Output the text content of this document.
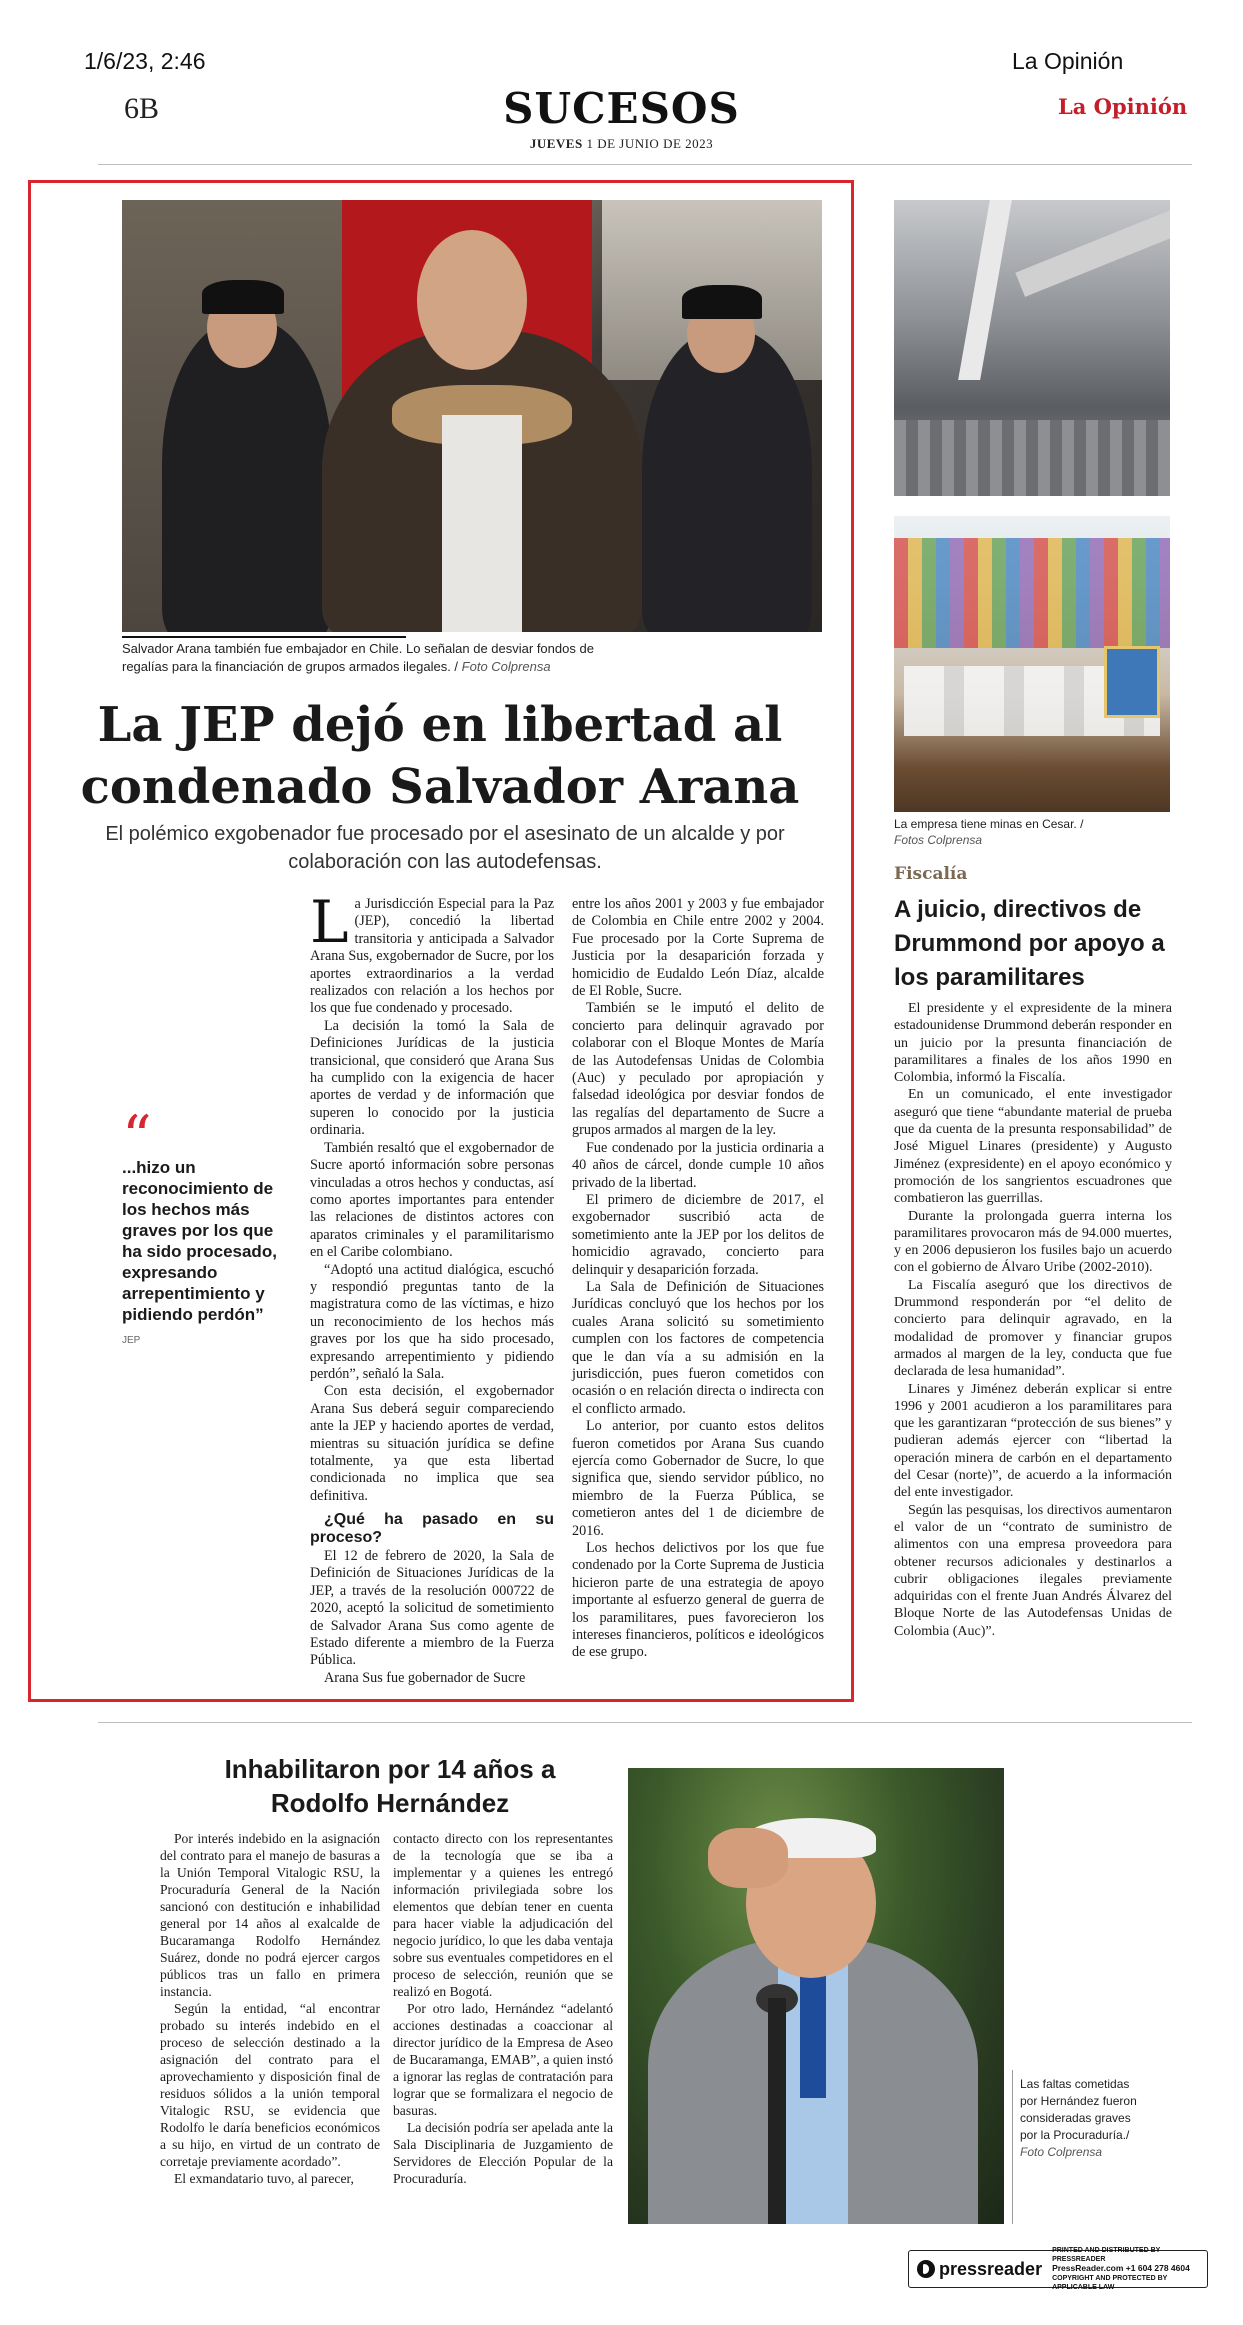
1/6/23, 2:46	La Opinión
6B	SUCESOS
JUEVES 1 DE JUNIO DE 2023
La Opinión
Salvador Arana también fue embajador en Chile. Lo señalan de desviar fondos de regalías para la financiación de grupos armados ilegales. / Foto Colprensa
La JEP dejó en libertad al condenado Salvador Arana
El polémico exgobenador fue procesado por el asesinato de un alcalde y por colaboración con las autodefensas.
“
...hizo un reconocimiento de los hechos más graves por los que ha sido procesado, expresando arrepentimiento y pidiendo perdón”
JEP

La Jurisdicción Especial para la Paz (JEP), concedió la libertad transitoria y anticipada a Salvador Arana Sus, exgobernador de Sucre, por los aportes extraordinarios a la verdad realizados con relación a los hechos por los que fue condenado y procesado.

La decisión la tomó la Sala de Definiciones Jurídicas de la justicia transicional, que consideró que Arana Sus ha cumplido con la exigencia de hacer aportes de verdad y de información que superen lo conocido por la justicia ordinaria.

También resaltó que el exgobernador de Sucre aportó información sobre personas vinculadas a otros hechos y conductas, así como aportes importantes para entender las relaciones de distintos actores con aparatos criminales y el paramilitarismo en el Caribe colombiano.

“Adoptó una actitud dialógica, escuchó y respondió preguntas tanto de la magistratura como de las víctimas, e hizo un reconocimiento de los hechos más graves por los que ha sido procesado, expresando arrepentimiento y pidiendo perdón”, señaló la Sala.

Con esta decisión, el exgobernador Arana Sus deberá seguir compareciendo ante la JEP y haciendo aportes de verdad, mientras su situación jurídica se define totalmente, ya que esta libertad condicionada no implica que sea definitiva.

¿Qué ha pasado en su proceso?

El 12 de febrero de 2020, la Sala de Definición de Situaciones Jurídicas de la JEP, a través de la resolución 000722 de 2020, aceptó la solicitud de sometimiento de Salvador Arana Sus como agente de Estado diferente a miembro de la Fuerza Pública.

Arana Sus fue gobernador de Sucre

entre los años 2001 y 2003 y fue embajador de Colombia en Chile entre 2002 y 2004. Fue procesado por la Corte Suprema de Justicia por la desaparición forzada y homicidio de Eudaldo León Díaz, alcalde de El Roble, Sucre.

También se le imputó el delito de concierto para delinquir agravado por colaborar con el Bloque Montes de María de las Autodefensas Unidas de Colombia (Auc) y peculado por apropiación y falsedad ideológica por desviar fondos de las regalías del departamento de Sucre a grupos armados al margen de la ley.

Fue condenado por la justicia ordinaria a 40 años de cárcel, donde cumple 10 años privado de la libertad.

El primero de diciembre de 2017, el exgobernador suscribió acta de sometimiento ante la JEP por los delitos de homicidio agravado, concierto para delinquir y desaparición forzada.

La Sala de Definición de Situaciones Jurídicas concluyó que los hechos por los cuales Arana solicitó su sometimiento cumplen con los factores de competencia que le dan vía a su admisión en la jurisdicción, pues fueron cometidos con ocasión o en relación directa o indirecta con el conflicto armado.

Lo anterior, por cuanto estos delitos fueron cometidos por Arana Sus cuando ejercía como Gobernador de Sucre, lo que significa que, siendo servidor público, no miembro de la Fuerza Pública, se cometieron antes del 1 de diciembre de 2016.

Los hechos delictivos por los que fue condenado por la Corte Suprema de Justicia hicieron parte de una estrategia de apoyo importante al esfuerzo general de guerra de los paramilitares, pues favorecieron los intereses financieros, políticos e ideológicos de ese grupo.

La empresa tiene minas en Cesar. /
Fotos Colprensa
Fiscalía
A juicio, directivos de Drummond por apoyo a los paramilitares

El presidente y el expresidente de la minera estadounidense Drummond deberán responder en un juicio por la presunta financiación de paramilitares a finales de los años 1990 en Colombia, informó la Fiscalía.

En un comunicado, el ente investigador aseguró que tiene “abundante material de prueba que da cuenta de la presunta responsabilidad” de José Miguel Linares (presidente) y Augusto Jiménez (expresidente) en el apoyo económico y promoción de los sangrientos escuadrones que combatieron las guerrillas.

Durante la prolongada guerra interna los paramilitares provocaron más de 94.000 muertes, y en 2006 depusieron los fusiles bajo un acuerdo con el gobierno de Álvaro Uribe (2002-2010).

La Fiscalía aseguró que los directivos de Drummond responderán por “el delito de concierto para delinquir agravado, en la modalidad de promover y financiar grupos armados al margen de la ley, conducta que fue declarada de lesa humanidad”.

Linares y Jiménez deberán explicar si entre 1996 y 2001 acudieron a los paramilitares para que les garantizaran “protección de sus bienes” y pudieran además ejercer con “libertad la operación minera de carbón en el departamento del Cesar (norte)”, de acuerdo a la información del ente investigador.

Según las pesquisas, los directivos aumentaron el valor de un “contrato de suministro de alimentos con una empresa proveedora para obtener recursos adicionales y destinarlos a cubrir obligaciones ilegales previamente adquiridas con el frente Juan Andrés Álvarez del Bloque Norte de las Autodefensas Unidas de Colombia (Auc)”.

Inhabilitaron por 14 años a Rodolfo Hernández

Por interés indebido en la asignación del contrato para el manejo de basuras a la Unión Temporal Vitalogic RSU, la Procuraduría General de la Nación sancionó con destitución e inhabilidad general por 14 años al exalcalde de Bucaramanga Rodolfo Hernández Suárez, donde no podrá ejercer cargos públicos tras un fallo en primera instancia.

Según la entidad, “al encontrar probado su interés indebido en el proceso de selección destinado a la asignación del contrato para el aprovechamiento y disposición final de residuos sólidos a la unión temporal Vitalogic RSU, se evidencia que Rodolfo le daría beneficios económicos a su hijo, en virtud de un contrato de corretaje previamente acordado”.

El exmandatario tuvo, al parecer,

contacto directo con los representantes de la tecnología que se iba a implementar y a quienes les entregó información privilegiada sobre los elementos que debían tener en cuenta para hacer viable la adjudicación del negocio jurídico, lo que les daba ventaja sobre sus eventuales competidores en el proceso de selección, reunión que se realizó en Bogotá.

Por otro lado, Hernández “adelantó acciones destinadas a coaccionar al director jurídico de la Empresa de Aseo de Bucaramanga, EMAB”, a quien instó a ignorar las reglas de contratación para lograr que se formalizara el negocio de basuras.

La decisión podría ser apelada ante la Sala Disciplinaria de Juzgamiento de Servidores de Elección Popular de la Procuraduría.

Las faltas cometidas por Hernández fueron consideradas graves por la Procuraduría./
Foto Colprensa
pressreader
PRINTED AND DISTRIBUTED BY PRESSREADER
PressReader.com +1 604 278 4604

COPYRIGHT AND PROTECTED BY APPLICABLE LAW
